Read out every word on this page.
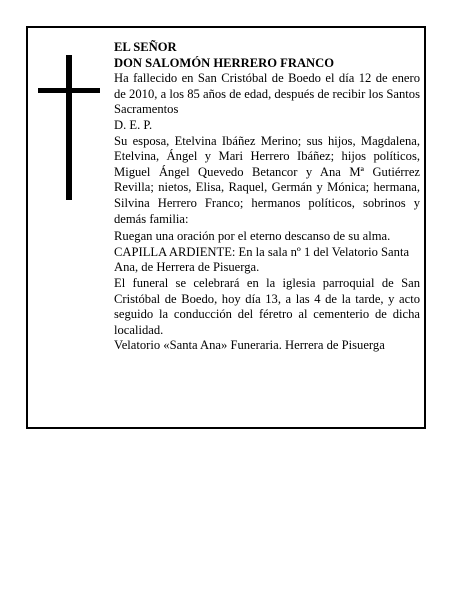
EL SEÑOR

DON SALOMÓN HERRERO FRANCO

Ha fallecido en San Cristóbal de Boedo el día 12 de enero de 2010, a los 85 años de edad, después de recibir los Santos Sacramentos

D. E. P.

Su esposa, Etelvina Ibáñez Merino; sus hijos, Magdalena, Etelvina, Ángel y Mari Herrero Ibáñez; hijos políticos, Miguel Ángel Quevedo Betancor y Ana Mª Gutiérrez Revilla; nietos, Elisa, Raquel, Germán y Mónica; hermana, Silvina Herrero Franco; hermanos políticos, sobrinos y demás familia:

Ruegan una oración por el eterno descanso de su alma.

CAPILLA ARDIENTE: En la sala nº 1 del Velatorio Santa Ana, de Herrera de Pisuerga.

El funeral se celebrará en la iglesia parroquial de San Cristóbal de Boedo, hoy día 13, a las 4 de la tarde, y acto seguido la conducción del féretro al cementerio de dicha localidad.

Velatorio «Santa Ana» Funeraria. Herrera de Pisuerga
